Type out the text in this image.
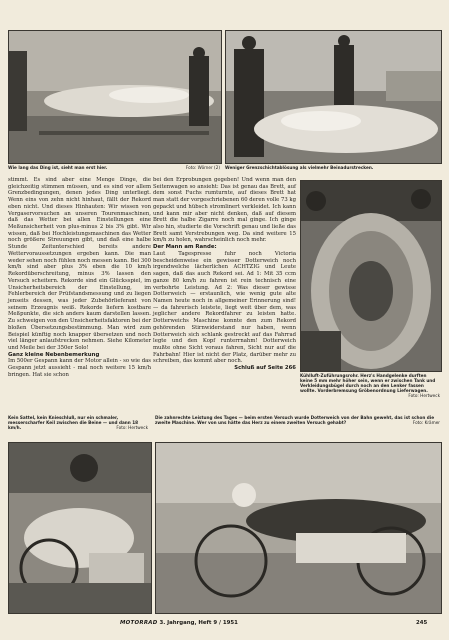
Wie lang das Ding ist, sieht man erst hier.	Foto: Wörner (2) Weniger Grenzschichtablösung als vielmehr Beinadurstrecken.

stimmt. Es sind aber eine Menge Dinge, die gleichzeitig stimmen müssen, und es sind vor allem Grenzbedingungen, denen jedes Ding unterliegt. Wenn eins von zehn nicht hinhaut, fällt der Rekord eben nicht. Und dieses Hinhauten: Wir wissen von Vergaservorsuchen an unseren Tourenmaschinen, daß das Wetter bei allen Einstellungen eine Meßunsicherheit von plus-minus 2 bis 3% gibt. Wir wissen, daß bei Hochleistungsmaschinen das Wetter noch größere Streuungen gibt, und daß eine halbe Stunde Zeitunterschied bereits andere Wettervoraussetzungen ergeben kann. Die man weder sehen noch fühlen noch messen kann. Bei 300 km/h sind aber plus 3% eben die 10 km/h Rekordüberschreitung, minus 3% lassen den Versuch scheitern. Rekorde sind ein Glücksspiel, im Unsicherheitsbereich der Einstellung, im Fehlerbereich der Prüfstandsmessung und zu liegen jenseits dessen, was jeder Zubehörlieferant von seinem Erzeugnis weiß. Rekorde liefern kostbare Meßpunkte, die sich anders kaum darstellen lassen. Zu schweigen von den Unsicherheitsfaktoren bei der bloßen Übersetzungsbestimmung. Man wird zum Beispiel künftig noch knapper übersetzen und noch viel länger anlaufstrecken nehmen. Siehe Kilometer und Meile bei der 350er Solo!

Ganz kleine Nebenbemerkung

Im 500er Gespann kann der Motor allein - so wie das Gespann jetzt aussieht - mal noch weitere 15 km/h bringen. Hat sie schon

bei den Erprobungen gegeben! Und wenn man den Seitenwagen so ansieht: Das ist genau das Brett, auf dem sonst Fuchs rumturnte, auf dieses Brett hat man statt der vorgeschriebenen 60 deren volle 73 kg gepackt und hübsch stromlinert verkleidet. Ich kann und kann mir aber nicht denken, daß auf diesem Brett die halbe Zigarre noch mal ginge. Ich ginge also hin, studierte die Vorschrift genau und ließe das Brett samt Verstrebungen weg. Da sind weitere 15 km/h zu holen, wahrscheinlich noch mehr.

Der Mann am Rande:

Laut Tagespresse fuhr noch Victoria bescheidenweise ein gewisser Dotterweich noch irgendwelche lächerlichen ACHTZIG und Leute sagen, daß das auch Rekord sei. Ad 1: Mit 35 ccm ganze 80 km/h zu fahren ist rein technisch eine verbohrte Leistung. Ad 2: Was dieser gewisse Dotterweich — erstaunlich, wie wenig gute alte Namen heute noch in allgemeiner Erinnerung sind! — da fahrerisch leistete, liegt weit über dem, was jeglicher andere Rekordfahrer zu leisten hatte. Dotterweichs Maschine konnte den zum Rekord gehörenden Stirnwiderstand nur haben, wenn Dotterweich sich schlank gestreckt auf das Fahrrad legte und den Kopf runterrnahm! Dotterweich mußte ohne Sicht voraus fahren, Sicht nur auf die Fahrbahn! Hier ist nicht der Platz, darüber mehr zu schreiben, das kommt aber noch.

Schluß auf Seite 266
Kühlluft-Zuführungsrohr. Herz's Handgelenke durften keine 5 mm mehr höher sein, wenn er zwischen Tank und Verkleidungsbügel durch noch an den Lenker fassen wollte. Vorderbremsung Gröbenordnung Lieferwagen.
Foto: Hertweck
Kein Sattel, kein Knieschluß, nur ein schmaler, messerscharfer Keil zwischen die Beine — und dann 18 km/h.	Foto: Hertweck
Die zahnrechte Leistung des Tages — beim ersten Versuch wurde Dotterweich von der Bahn geweht, das ist schon die zweite Maschine. Wer von uns hätte das Herz zu einem zweiten Versuch gehabt?	Foto: Krämer
MOTORRAD 3. Jahrgang, Heft 9 / 1951	245
